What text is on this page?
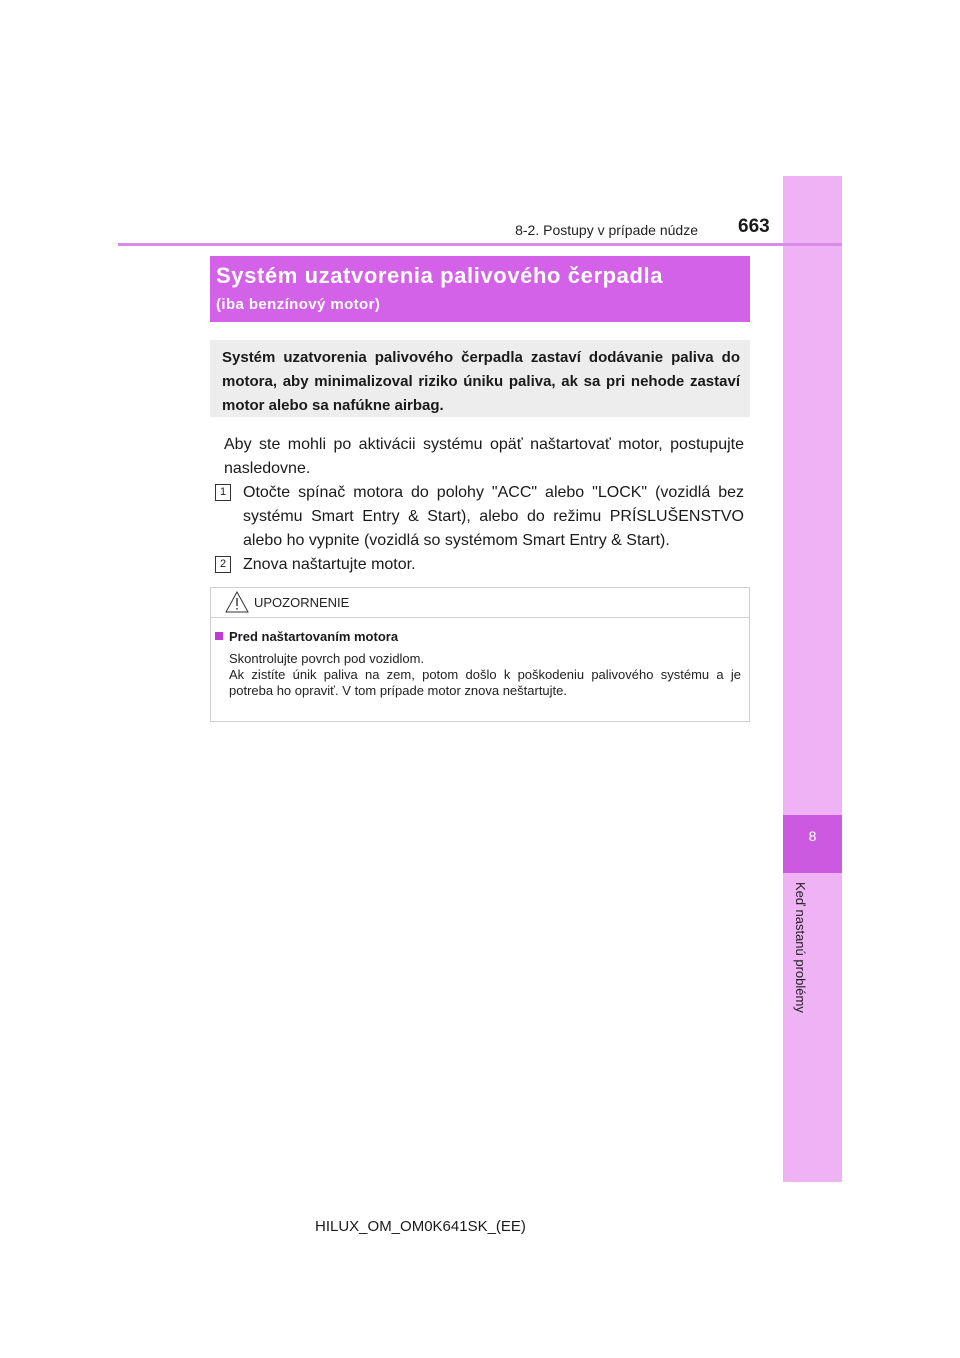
8
Keď nastanú problémy
663
8-2. Postupy v prípade núdze
Systém uzatvorenia palivového čerpadla
(iba benzínový motor)
Systém uzatvorenia palivového čerpadla zastaví dodávanie paliva do motora, aby minimalizoval riziko úniku paliva, ak sa pri nehode zastaví motor alebo sa nafúkne airbag.
Aby ste mohli po aktivácii systému opäť naštartovať motor, postupujte nasledovne.
1	Otočte spínač motora do polohy "ACC" alebo "LOCK" (vozidlá bez systému Smart Entry & Start), alebo do režimu PRÍSLUŠENSTVO alebo ho vypnite (vozidlá so systémom Smart Entry & Start).
2	Znova naštartujte motor.
UPOZORNENIE
Pred naštartovaním motora
Skontrolujte povrch pod vozidlom.
Ak zistíte únik paliva na zem, potom došlo k poškodeniu palivového systému a je potreba ho opraviť. V tom prípade motor znova neštartujte.
HILUX_OM_OM0K641SK_(EE)
